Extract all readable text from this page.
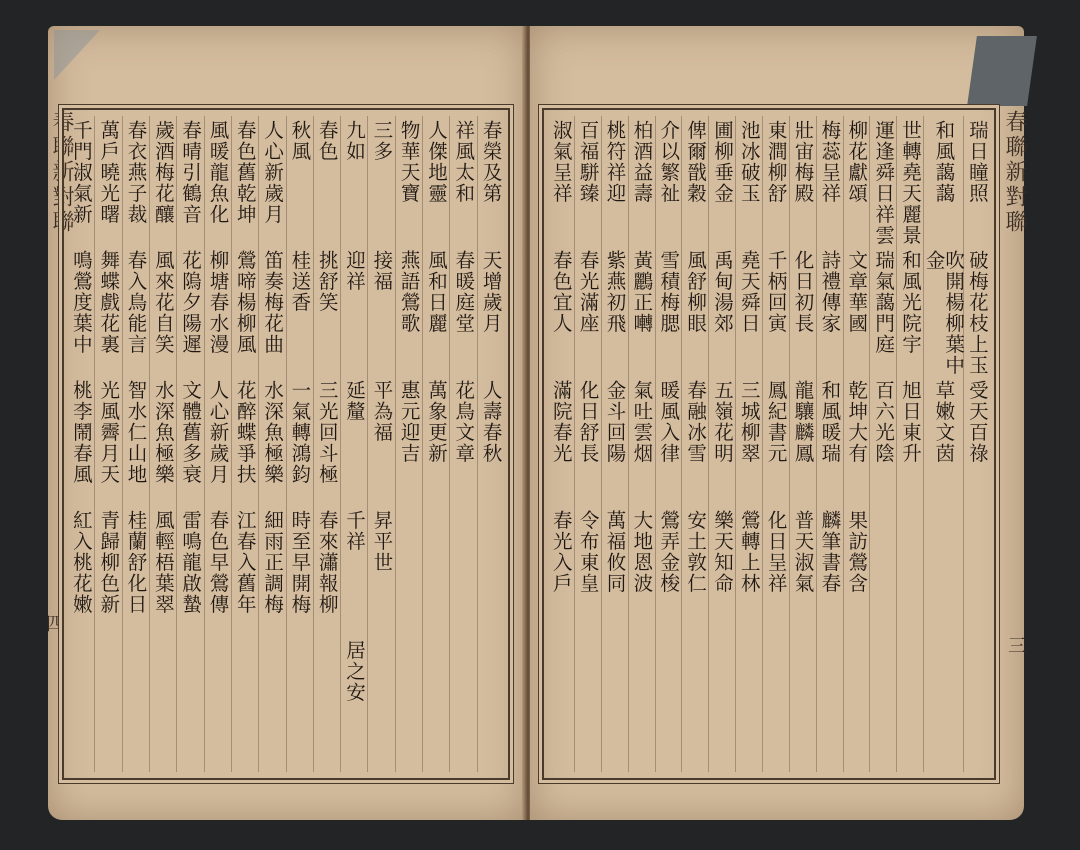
春聯新對聯
四
春榮及第
天增歲月
人壽春秋
祥風太和
春暖庭堂
花鳥文章
人傑地靈
風和日麗
萬象更新
物華天寶
燕語鶯歌
惠元迎吉
三多
接福
平為福
昇平世
九如
迎祥
延釐
千祥
居之安
春色
挑舒笑
三光回斗極
春來瀟報柳
秋風
桂送香
一氣轉鴻鈞
時至早開梅
人心新歲月
笛奏梅花曲
水深魚極樂
細雨正調梅
春色舊乾坤
鶯啼楊柳風
花醉蝶爭扶
江春入舊年
風暖龍魚化
柳塘春水漫
人心新歲月
春色早鶯傳
春晴引鶴音
花隖夕陽遲
文體舊多衰
雷鳴龍啟蟄
歲酒梅花釀
風來花自笑
水深魚極樂
風輕梧葉翠
春衣燕子裁
春入鳥能言
智水仁山地
桂蘭舒化日
萬戶曉光曙
舞蝶戲花裏
光風霽月天
青歸柳色新
千門淑氣新
鳴鶯度葉中
桃李鬧春風
紅入桃花嫩
春聯新對聯
三
瑞日瞳照
破梅花枝上玉
受天百祿
和風藹藹
吹開楊柳葉中金
草嫩文茵
世轉堯天麗景
和風光院宇
旭日東升
運逢舜日祥雲
瑞氣藹門庭
百六光陰
柳花獻頌
文章華國
乾坤大有
果訪鶯含
梅蕊呈祥
詩禮傳家
和風暖瑞
麟筆書春
壯宙梅殿
化日初長
龍驤麟鳳
普天淑氣
東澗柳舒
千柄回寅
鳳紀書元
化日呈祥
池冰破玉
堯天舜日
三城柳翠
鶯轉上林
圃柳垂金
禹甸湯郊
五嶺花明
樂天知命
俾爾戩穀
風舒柳眼
春融冰雪
安土敦仁
介以繁祉
雪積梅腮
暖風入律
鶯弄金梭
柏酒益壽
黃鸝正囀
氣吐雲烟
大地恩波
桃符祥迎
紫燕初飛
金斗回陽
萬福攸同
百福駢臻
春光滿座
化日舒長
令布東皇
淑氣呈祥
春色宜人
滿院春光
春光入戶
